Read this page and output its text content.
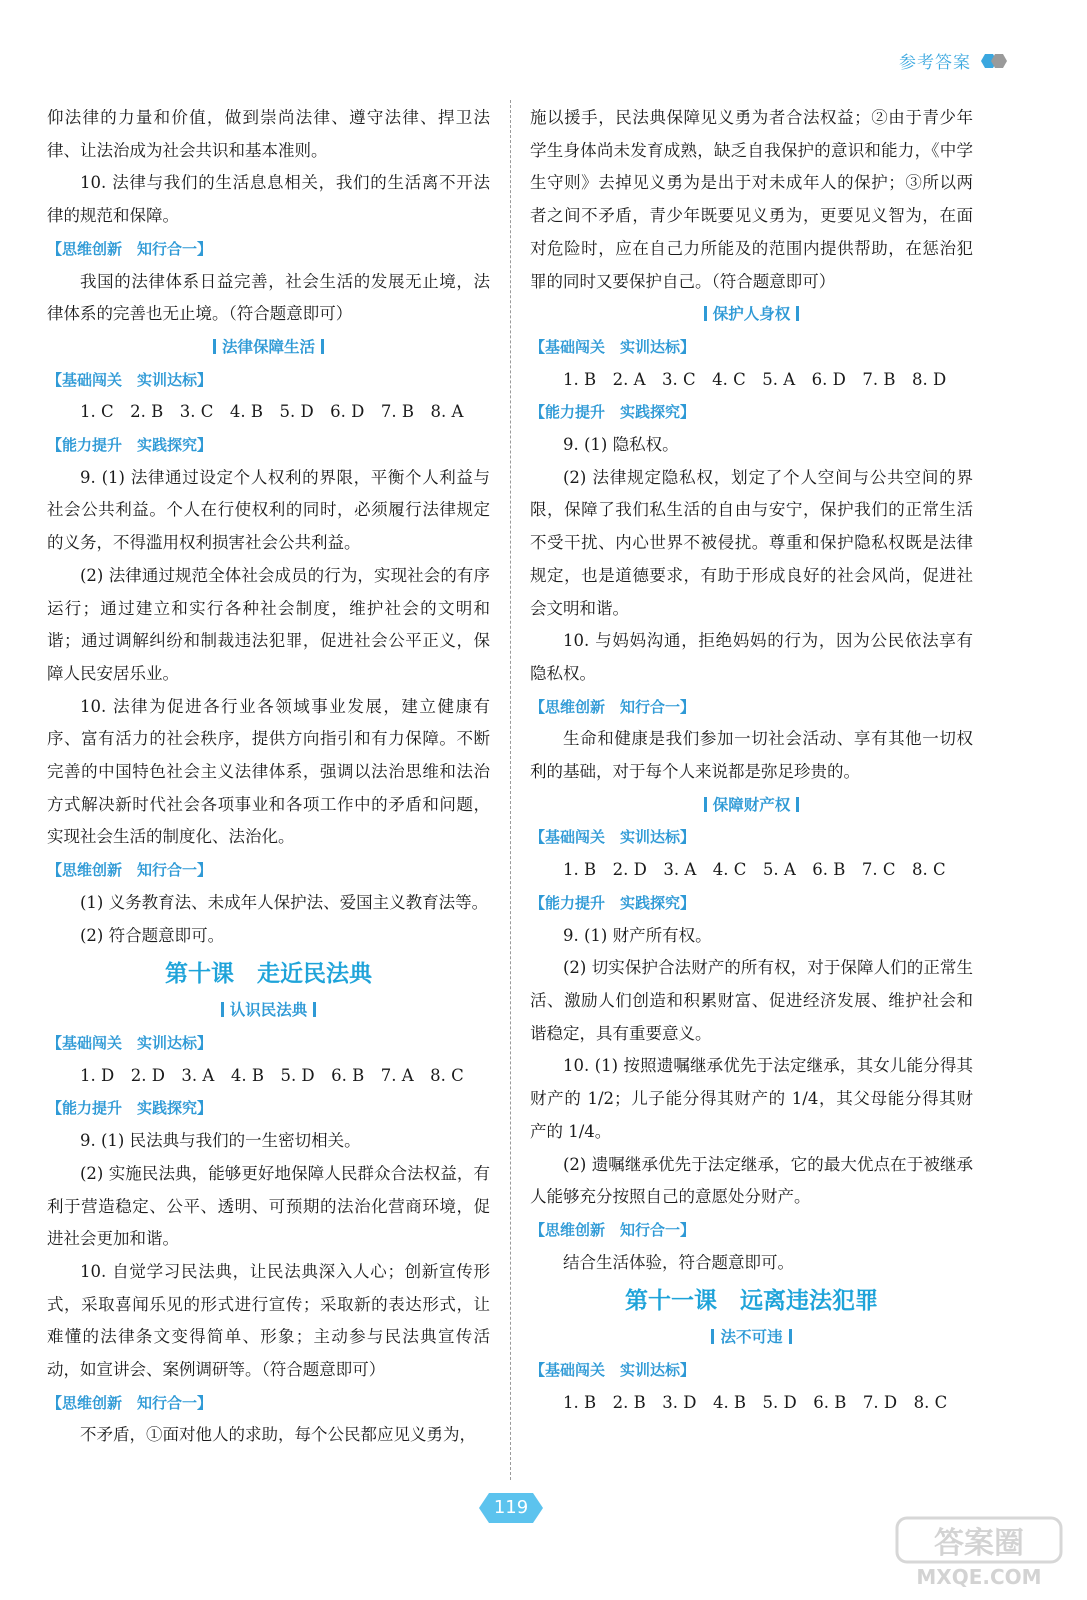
参考答案
仰法律的力量和价值，做到崇尚法律、遵守法律、捍卫法律、让法治成为社会共识和基本准则。
10. 法律与我们的生活息息相关，我们的生活离不开法律的规范和保障。
【思维创新　知行合一】
我国的法律体系日益完善，社会生活的发展无止境，法律体系的完善也无止境。（符合题意即可）
法律保障生活
【基础闯关　实训达标】
1. C　2. B　3. C　4. B　5. D　6. D　7. B　8. A
【能力提升　实践探究】
9. (1) 法律通过设定个人权利的界限，平衡个人利益与社会公共利益。个人在行使权利的同时，必须履行法律规定的义务，不得滥用权利损害社会公共利益。
(2) 法律通过规范全体社会成员的行为，实现社会的有序运行；通过建立和实行各种社会制度，维护社会的文明和谐；通过调解纠纷和制裁违法犯罪，促进社会公平正义，保障人民安居乐业。
10. 法律为促进各行业各领域事业发展，建立健康有序、富有活力的社会秩序，提供方向指引和有力保障。不断完善的中国特色社会主义法律体系，强调以法治思维和法治方式解决新时代社会各项事业和各项工作中的矛盾和问题，实现社会生活的制度化、法治化。
【思维创新　知行合一】
(1) 义务教育法、未成年人保护法、爱国主义教育法等。
(2) 符合题意即可。
第十课　走近民法典
认识民法典
【基础闯关　实训达标】
1. D　2. D　3. A　4. B　5. D　6. B　7. A　8. C
【能力提升　实践探究】
9. (1) 民法典与我们的一生密切相关。
(2) 实施民法典，能够更好地保障人民群众合法权益，有利于营造稳定、公平、透明、可预期的法治化营商环境，促进社会更加和谐。
10. 自觉学习民法典，让民法典深入人心；创新宣传形式，采取喜闻乐见的形式进行宣传；采取新的表达形式，让难懂的法律条文变得简单、形象；主动参与民法典宣传活动，如宣讲会、案例调研等。（符合题意即可）
【思维创新　知行合一】
不矛盾，①面对他人的求助，每个公民都应见义勇为，
施以援手，民法典保障见义勇为者合法权益；②由于青少年学生身体尚未发育成熟，缺乏自我保护的意识和能力，《中学生守则》去掉见义勇为是出于对未成年人的保护；③所以两者之间不矛盾，青少年既要见义勇为，更要见义智为，在面对危险时，应在自己力所能及的范围内提供帮助，在惩治犯罪的同时又要保护自己。（符合题意即可）
保护人身权
【基础闯关　实训达标】
1. B　2. A　3. C　4. C　5. A　6. D　7. B　8. D
【能力提升　实践探究】
9. (1) 隐私权。
(2) 法律规定隐私权，划定了个人空间与公共空间的界限，保障了我们私生活的自由与安宁，保护我们的正常生活不受干扰、内心世界不被侵扰。尊重和保护隐私权既是法律规定，也是道德要求，有助于形成良好的社会风尚，促进社会文明和谐。
10. 与妈妈沟通，拒绝妈妈的行为，因为公民依法享有隐私权。
【思维创新　知行合一】
生命和健康是我们参加一切社会活动、享有其他一切权利的基础，对于每个人来说都是弥足珍贵的。
保障财产权
【基础闯关　实训达标】
1. B　2. D　3. A　4. C　5. A　6. B　7. C　8. C
【能力提升　实践探究】
9. (1) 财产所有权。
(2) 切实保护合法财产的所有权，对于保障人们的正常生活、激励人们创造和积累财富、促进经济发展、维护社会和谐稳定，具有重要意义。
10. (1) 按照遗嘱继承优先于法定继承，其女儿能分得其财产的 1/2；儿子能分得其财产的 1/4，其父母能分得其财产的 1/4。
(2) 遗嘱继承优先于法定继承，它的最大优点在于被继承人能够充分按照自己的意愿处分财产。
【思维创新　知行合一】
结合生活体验，符合题意即可。
第十一课　远离违法犯罪
法不可违
【基础闯关　实训达标】
1. B　2. B　3. D　4. B　5. D　6. B　7. D　8. C
119
答案圈
MXQE.COM
